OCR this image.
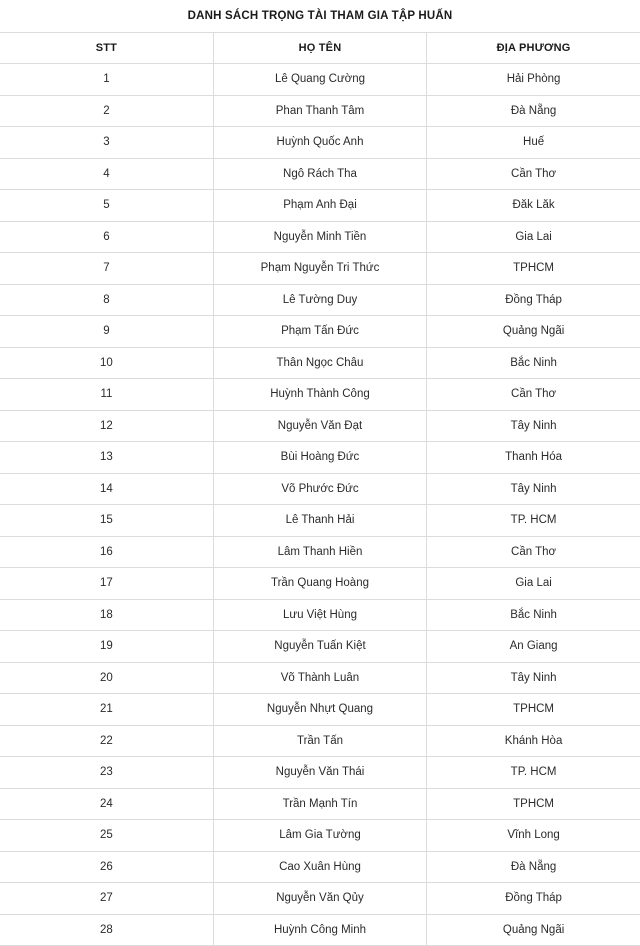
DANH SÁCH TRỌNG TÀI THAM GIA TẬP HUẤN		
STT	HỌ TÊN	ĐỊA PHƯƠNG
1	Lê Quang Cường	Hải Phòng
2	Phan Thanh Tâm	Đà Nẵng
3	Huỳnh Quốc Anh	Huế
4	Ngô Rách Tha	Cần Thơ
5	Phạm Anh Đại	Đăk Lăk
6	Nguyễn Minh Tiền	Gia Lai
7	Phạm Nguyễn Tri Thức	TPHCM
8	Lê Tường Duy	Đồng Tháp
9	Phạm Tấn Đức	Quảng Ngãi
10	Thân Ngọc Châu	Bắc Ninh
11	Huỳnh Thành Công	Cần Thơ
12	Nguyễn Văn Đạt	Tây Ninh
13	Bùi Hoàng Đức	Thanh Hóa
14	Võ Phước Đức	Tây Ninh
15	Lê Thanh Hải	TP. HCM
16	Lâm Thanh Hiền	Cần Thơ
17	Trần Quang Hoàng	Gia Lai
18	Lưu Việt Hùng	Bắc Ninh
19	Nguyễn Tuấn Kiệt	An Giang
20	Võ Thành Luân	Tây Ninh
21	Nguyễn Nhựt Quang	TPHCM
22	Trần Tấn	Khánh Hòa
23	Nguyễn Văn Thái	TP. HCM
24	Trần Mạnh Tín	TPHCM
25	Lâm Gia Tường	Vĩnh Long
26	Cao Xuân Hùng	Đà Nẵng
27	Nguyễn Văn Qủy	Đồng Tháp
28	Huỳnh Công Minh	Quảng Ngãi
